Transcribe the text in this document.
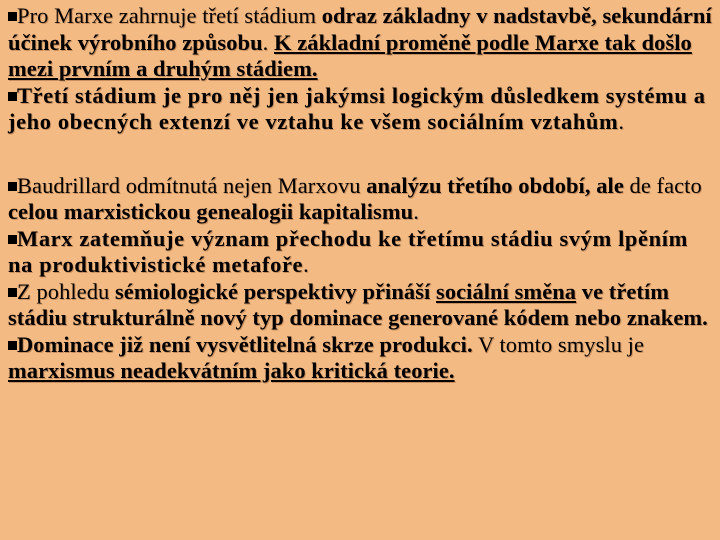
Pro Marxe zahrnuje třetí stádium odraz základny v nadstavbě, sekundární účinek výrobního způsobu. K základní proměně podle Marxe tak došlo mezi prvním a druhým stádiem.

Třetí stádium je pro něj jen jakýmsi logickým důsledkem systému a jeho obecných extenzí ve vztahu ke všem sociálním vztahům.

Baudrillard odmítnutá nejen Marxovu analýzu třetího období, ale de facto celou marxistickou genealogii kapitalismu.

Marx zatemňuje význam přechodu ke třetímu stádiu svým lpěním na produktivistické metafoře.

Z pohledu sémiologické perspektivy přináší sociální směna ve třetím stádiu strukturálně nový typ dominace generované kódem nebo znakem.

Dominace již není vysvětlitelná skrze produkci. V tomto smyslu je marxismus neadekvátním jako kritická teorie.
